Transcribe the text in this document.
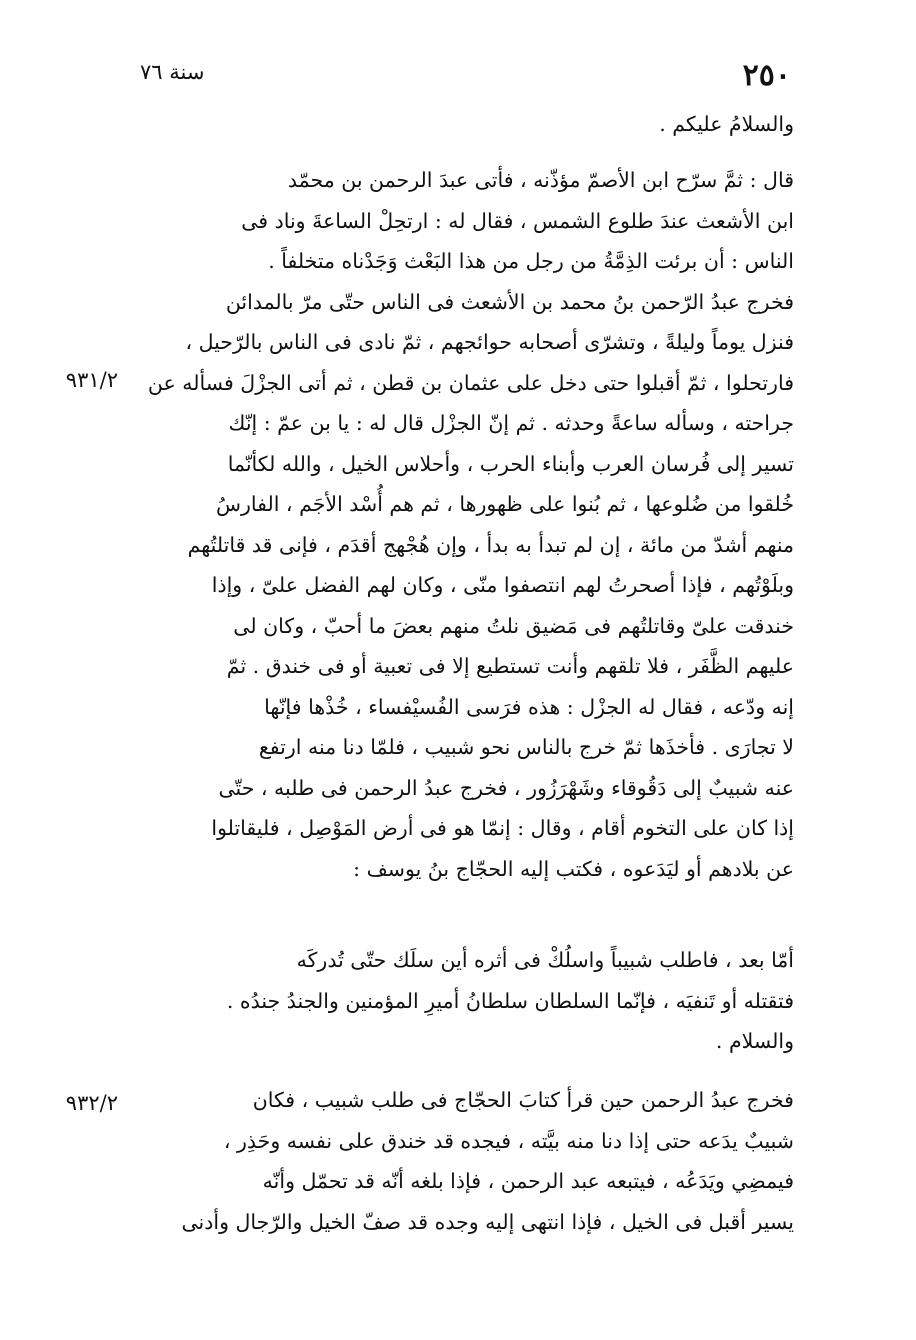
٢٥٠
سنة ٧٦
٩٣١/٢
٩٣٢/٢
والسلامُ عليكم .
قال : ثمَّ سرّح ابن الأصمّ مؤذّنه ، فأتى عبدَ الرحمن بن محمّد
ابن الأشعث عندَ طلوع الشمس ، فقال له : ارتحِلْ الساعةَ وناد فى
الناس : أن برئت الذِمَّةُ من رجل من هذا البَعْث وَجَدْناه متخلفاً .
فخرج عبدُ الرّحمن بنُ محمد بن الأشعث فى الناس حتّى مرّ بالمدائن
فنزل يوماً وليلةً ، وتشرّى أصحابه حوائجهم ، ثمّ نادى فى الناس بالرّحيل ،
فارتحلوا ، ثمّ أقبلوا حتى دخل على عثمان بن قطن ، ثم أتى الجزْلَ فسأله عن
جراحته ، وسأله ساعةً وحدثه . ثم إنّ الجزْل قال له : يا بن عمّ : إنّك
تسير إلى فُرسان العرب وأبناء الحرب ، وأحلاس الخيل ، والله لكأنّما
خُلقوا من ضُلوعها ، ثم بُنوا على ظهورها ، ثم هم أُسْد الأجَم ، الفارسُ
منهم أشدّ من مائة ، إن لم تبدأ به بدأ ، وإن هُجْهج أقدَم ، فإنى قد قاتلتُهم
وبلَوْتُهم ، فإذا أصحرتُ لهم انتصفوا منّى ، وكان لهم الفضل علىّ ، وإذا
خندقت علىّ وقاتلتُهم فى مَضيق نلتُ منهم بعضَ ما أحبّ ، وكان لى
عليهم الظَّفَر ، فلا تلقهم وأنت تستطيع إلا فى تعبية أو فى خندق . ثمّ
إنه ودّعه ، فقال له الجزْل : هذه فرَسى الفُسيْفساء ، خُذْها فإنّها
لا تجارَى . فأخذَها ثمّ خرج بالناس نحو شبيب ، فلمّا دنا منه ارتفع
عنه شبيبٌ إلى دَقُوقاء وشَهْرَزُور ، فخرج عبدُ الرحمن فى طلبه ، حتّى
إذا كان على التخوم أقام ، وقال : إنمّا هو فى أرض المَوْصِل ، فليقاتلوا
عن بلادهم أو ليَدَعوه ، فكتب إليه الحجّاج بنُ يوسف :
أمّا بعد ، فاطلب شبيباً واسلُكْ فى أثره أين سلَك حتّى تُدركَه
فتقتله أو تَنفيَه ، فإنّما السلطان سلطانُ أميرِ المؤمنين والجندُ جندُه .
والسلام .
فخرج عبدُ الرحمن حين قرأ كتابَ الحجّاج فى طلب شبيب ، فكان
شبيبٌ يدَعه حتى إذا دنا منه بيَّته ، فيجده قد خندق على نفسه وحَذِر ،
فيمضِي ويَدَعُه ، فيتبعه عبد الرحمن ، فإذا بلغه أنّه قد تحمّل وأنّه
يسير أقبل فى الخيل ، فإذا انتهى إليه وجده قد صفّ الخيل والرّجال وأدنى
